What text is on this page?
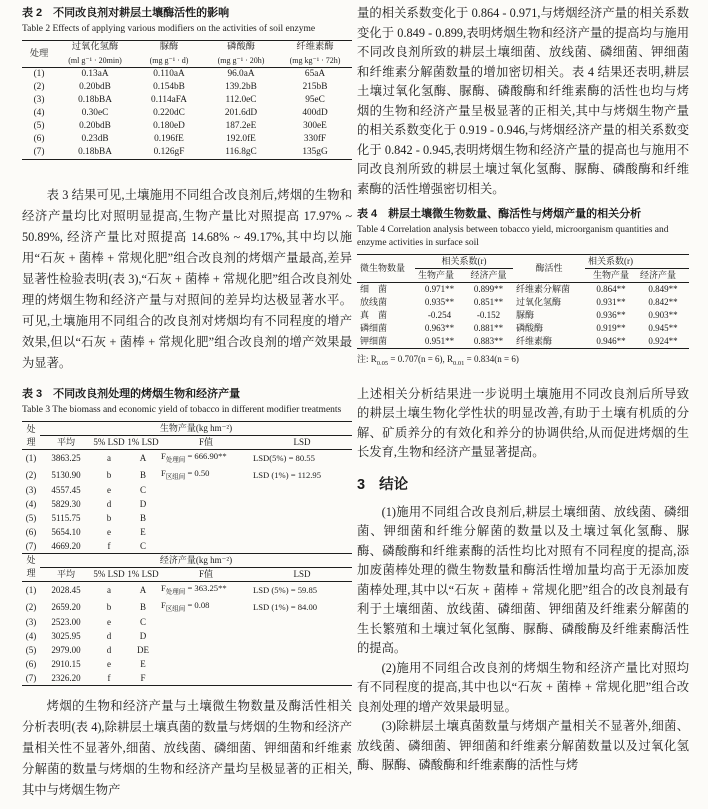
表 2　不同改良剂对耕层土壤酶活性的影响
Table 2 Effects of applying various modifiers on the activities of soil enzyme
处理	过氧化氢酶	脲酶	磷酸酶	纤维素酶
	(ml g⁻¹ · 20min)	(mg g⁻¹ · d)	(mg g⁻¹ · 20h)	(mg kg⁻¹ · 72h)
(1)	0.13aA	0.110aA	96.0aA	65aA
(2)	0.20bdB	0.154bB	139.2bB	215bB
(3)	0.18bBA	0.114aFA	112.0eC	95eC
(4)	0.30eC	0.220dC	201.6dD	400dD
(5)	0.20bdB	0.180eD	187.2eE	300eE
(6)	0.23dB	0.196fE	192.0fE	330fF
(7)	0.18bBA	0.126gF	116.8gC	135gG

表 3 结果可见,土壤施用不同组合改良剂后,烤烟的生物和经济产量均比对照明显提高,生物产量比对照提高 17.97% ~ 50.89%, 经济产量比对照提高 14.68% ~ 49.17%,其中均以施用“石灰 + 菌棒 + 常规化肥”组合改良剂的烤烟产量最高,差异显著性检验表明(表 3),“石灰 + 菌棒 + 常规化肥”组合改良剂处理的烤烟生物和经济产量与对照间的差异均达极显著水平。可见,土壤施用不同组合的改良剂对烤烟均有不同程度的增产效果,但以“石灰 + 菌棒 + 常规化肥”组合改良剂的增产效果最为显著。

表 3　不同改良剂处理的烤烟生物和经济产量
Table 3 The biomass and economic yield of tobacco in different modifier treatments
处理	生物产量(kg hm⁻²)				
	平均	5% LSD	1% LSD	F值	LSD
(1)	3863.25	a	A	$F_{处理间} = 666.90**$	LSD(5%) = 80.55
(2)	5130.90	b	B	$F_{区组间} = 0.50$	LSD (1%) = 112.95
(3)	4557.45	e	C		
(4)	5829.30	d	D		
(5)	5115.75	b	B		
(6)	5654.10	e	E		
(7)	4669.20	f	C		
处理	经济产量(kg hm⁻²)				
	平均	5% LSD	1% LSD	F值	LSD
(1)	2028.45	a	A	$F_{处理间} = 363.25**$	LSD (5%) = 59.85
(2)	2659.20	b	B	$F_{区组间} = 0.08$	LSD (1%) = 84.00
(3)	2523.00	e	C		
(4)	3025.95	d	D		
(5)	2979.00	d	DE		
(6)	2910.15	e	E		
(7)	2326.20	f	F		

烤烟的生物和经济产量与土壤微生物数量及酶活性相关分析表明(表 4),除耕层土壤真菌的数量与烤烟的生物和经济产量相关性不显著外,细菌、放线菌、磷细菌、钾细菌和纤维素分解菌的数量与烤烟的生物和经济产量均呈极显著的正相关,其中与烤烟生物产

量的相关系数变化于 0.864 - 0.971,与烤烟经济产量的相关系数变化于 0.849 - 0.899,表明烤烟生物和经济产量的提高均与施用不同改良剂所致的耕层土壤细菌、放线菌、磷细菌、钾细菌和纤维素分解菌数量的增加密切相关。表 4 结果还表明,耕层土壤过氧化氢酶、脲酶、磷酸酶和纤维素酶的活性也均与烤烟的生物和经济产量呈极显著的正相关,其中与烤烟生物产量的相关系数变化于 0.919 - 0.946,与烤烟经济产量的相关系数变化于 0.842 - 0.945,表明烤烟生物和经济产量的提高也与施用不同改良剂所致的耕层土壤过氧化氢酶、脲酶、磷酸酶和纤维素酶的活性增强密切相关。

表 4　耕层土壤微生物数量、酶活性与烤烟产量的相关分析
Table 4 Correlation analysis between tobacco yield, microorganism quantities and enzyme activities in surface soil
微生物数量	相关系数(r)		酶活性	相关系数(r)	
	生物产量	经济产量		生物产量	经济产量
细　菌	0.971**	0.899**	纤维素分解菌	0.864**	0.849**
放线菌	0.935**	0.851**	过氧化氢酶	0.931**	0.842**
真　菌	-0.254	-0.152	脲酶	0.936**	0.903**
磷细菌	0.963**	0.881**	磷酸酶	0.919**	0.945**
钾细菌	0.951**	0.883**	纤维素酶	0.946**	0.924**
注: $R_{0.05} = 0.707(n = 6)$, $R_{0.01} = 0.834(n = 6)$

上述相关分析结果进一步说明土壤施用不同改良剂后所导致的耕层土壤生物化学性状的明显改善,有助于土壤有机质的分解、矿质养分的有效化和养分的协调供给,从而促进烤烟的生长发育,生物和经济产量显著提高。

3 结论

(1)施用不同组合改良剂后,耕层土壤细菌、放线菌、磷细菌、钾细菌和纤维分解菌的数量以及土壤过氧化氢酶、脲酶、磷酸酶和纤维素酶的活性均比对照有不同程度的提高,添加废菌棒处理的微生物数量和酶活性增加量均高于无添加废菌棒处理,其中以“石灰 + 菌棒 + 常规化肥”组合的改良剂最有利于土壤细菌、放线菌、磷细菌、钾细菌及纤维素分解菌的生长繁殖和土壤过氧化氢酶、脲酶、磷酸酶及纤维素酶活性的提高。

(2)施用不同组合改良剂的烤烟生物和经济产量比对照均有不同程度的提高,其中也以“石灰 + 菌棒 + 常规化肥”组合改良剂处理的增产效果最明显。

(3)除耕层土壤真菌数量与烤烟产量相关不显著外,细菌、放线菌、磷细菌、钾细菌和纤维素分解菌数量以及过氧化氢酶、脲酶、磷酸酶和纤维素酶的活性与烤
